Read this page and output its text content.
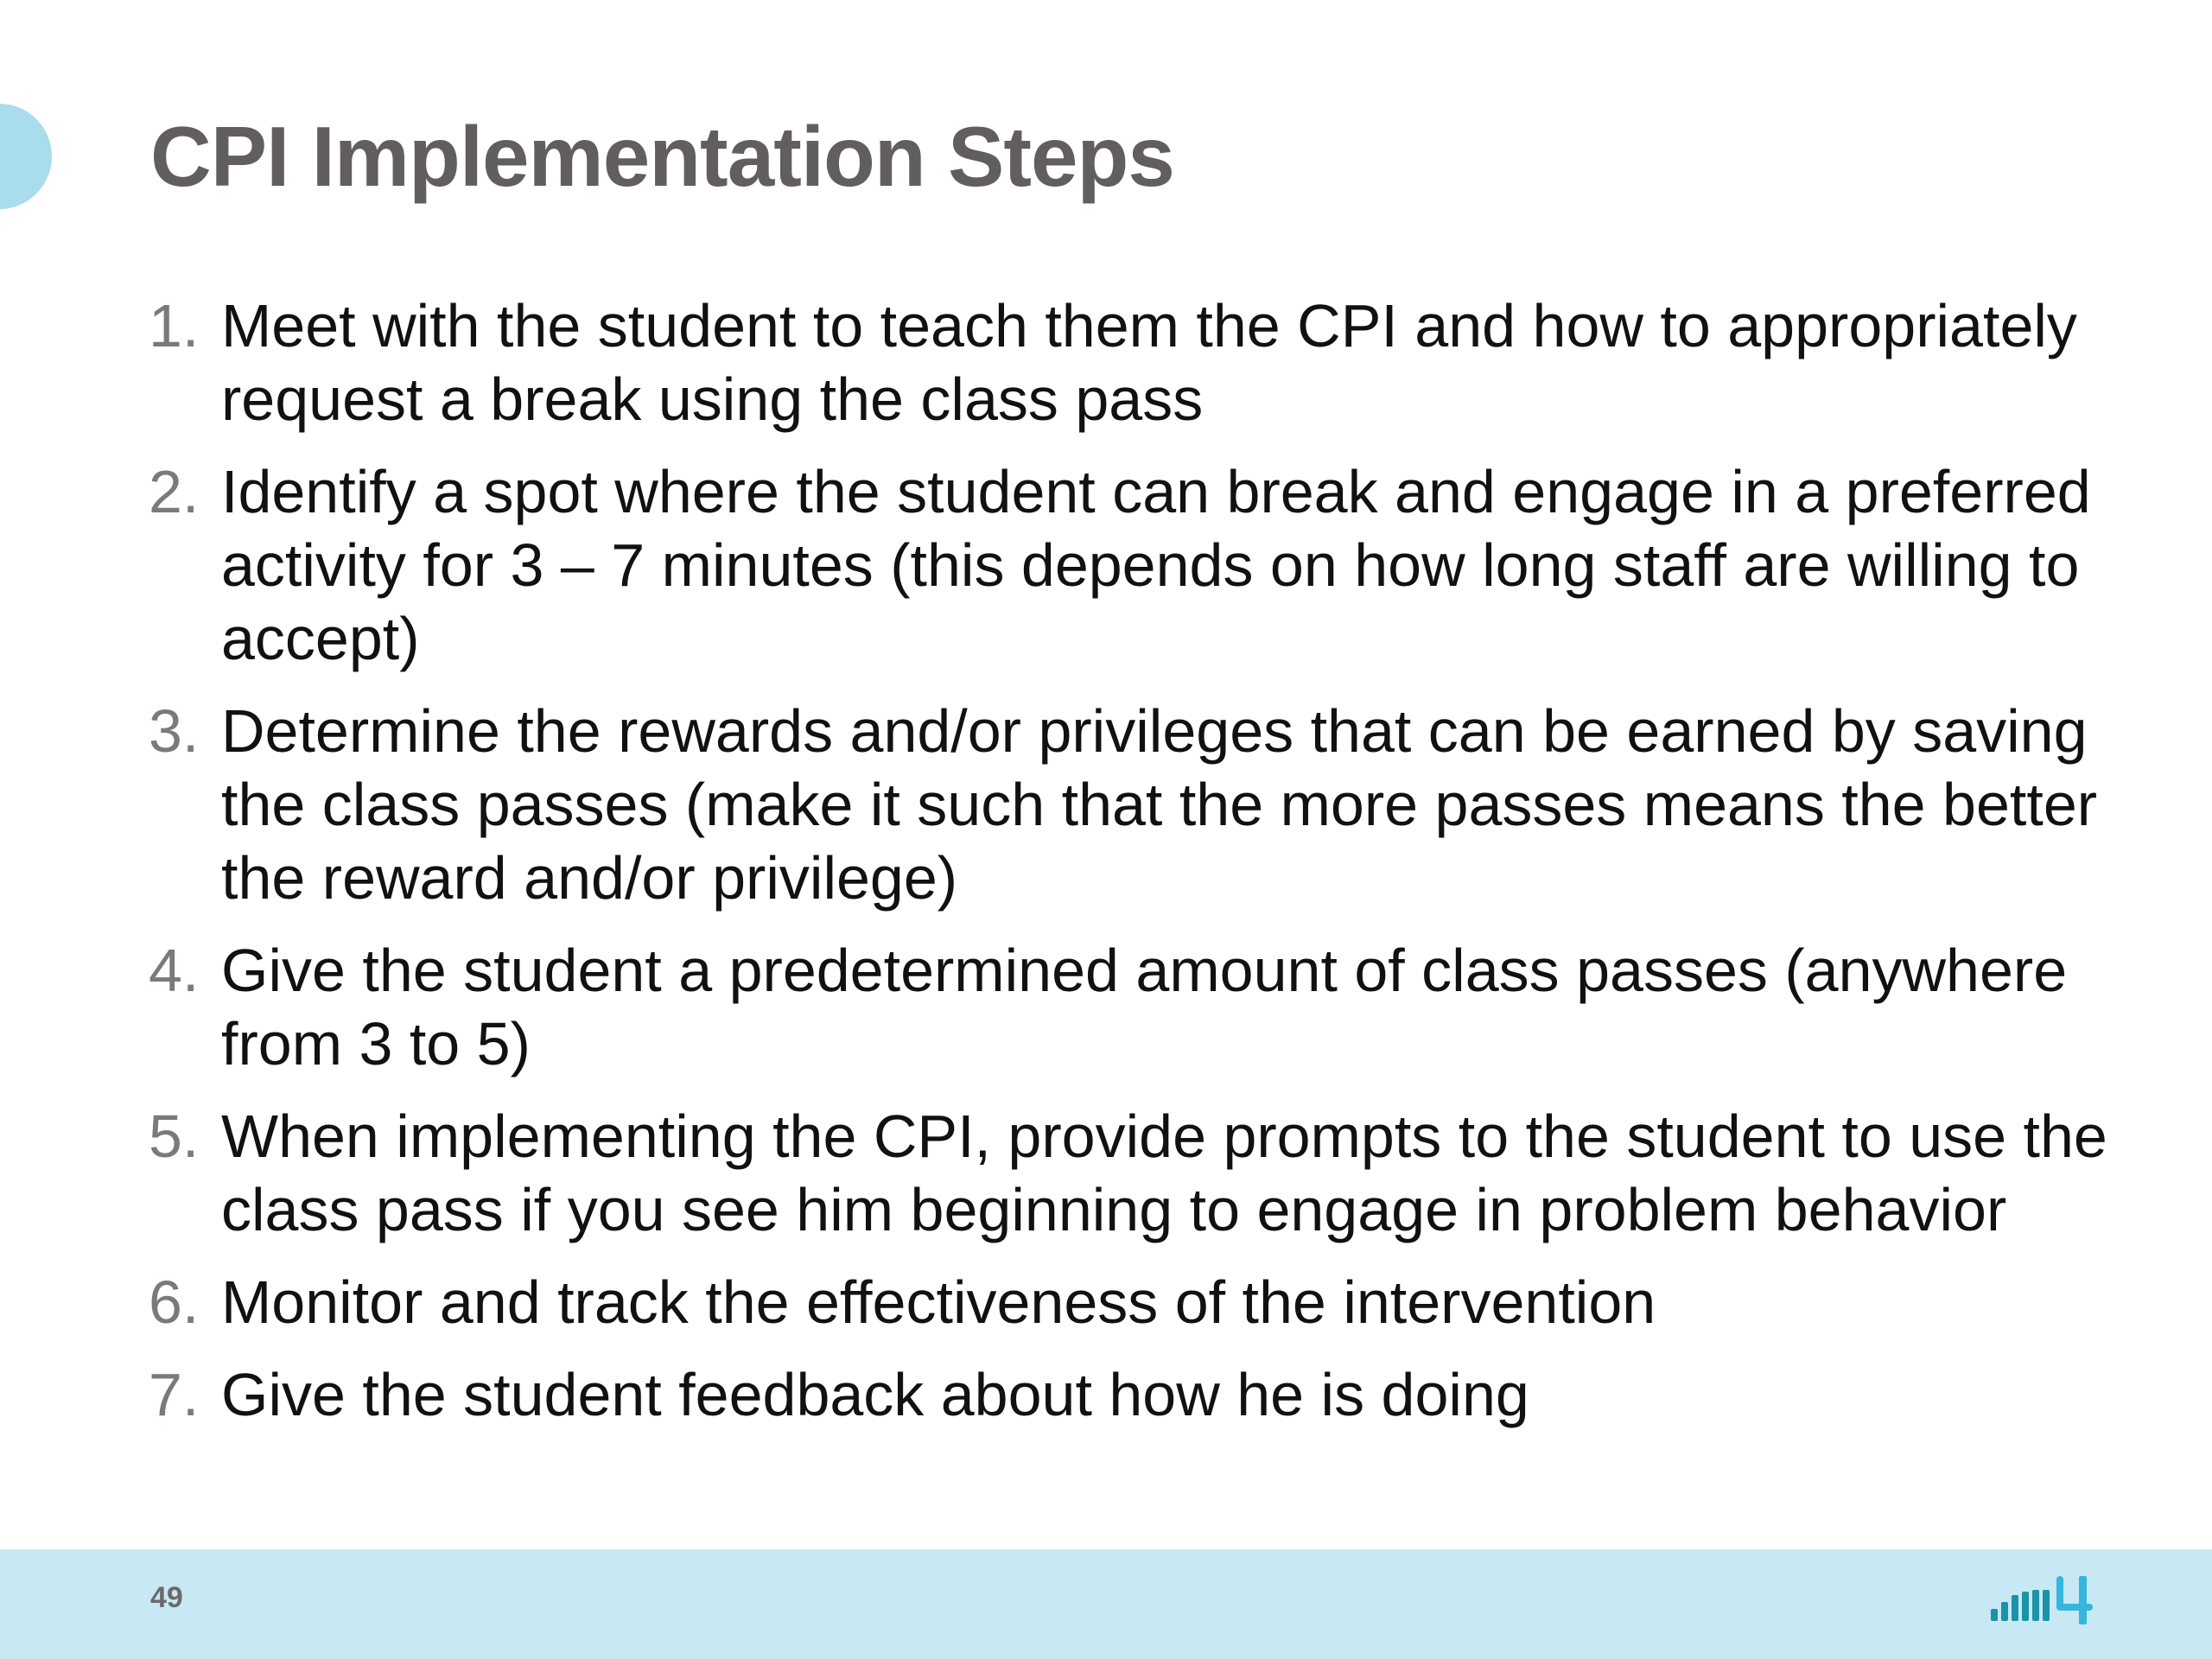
CPI Implementation Steps
1. Meet with the student to teach them the CPI and how to appropriately request a break using the class pass
2. Identify a spot where the student can break and engage in a preferred activity for 3 – 7 minutes (this depends on how long staff are willing to accept)
3. Determine the rewards and/or privileges that can be earned by saving the class passes (make it such that the more passes means the better the reward and/or privilege)
4. Give the student a predetermined amount of class passes (anywhere from 3 to 5)
5. When implementing the CPI, provide prompts to the student to use the class pass if you see him beginning to engage in problem behavior
6. Monitor and track the effectiveness of the intervention
7. Give the student feedback about how he is doing
49
